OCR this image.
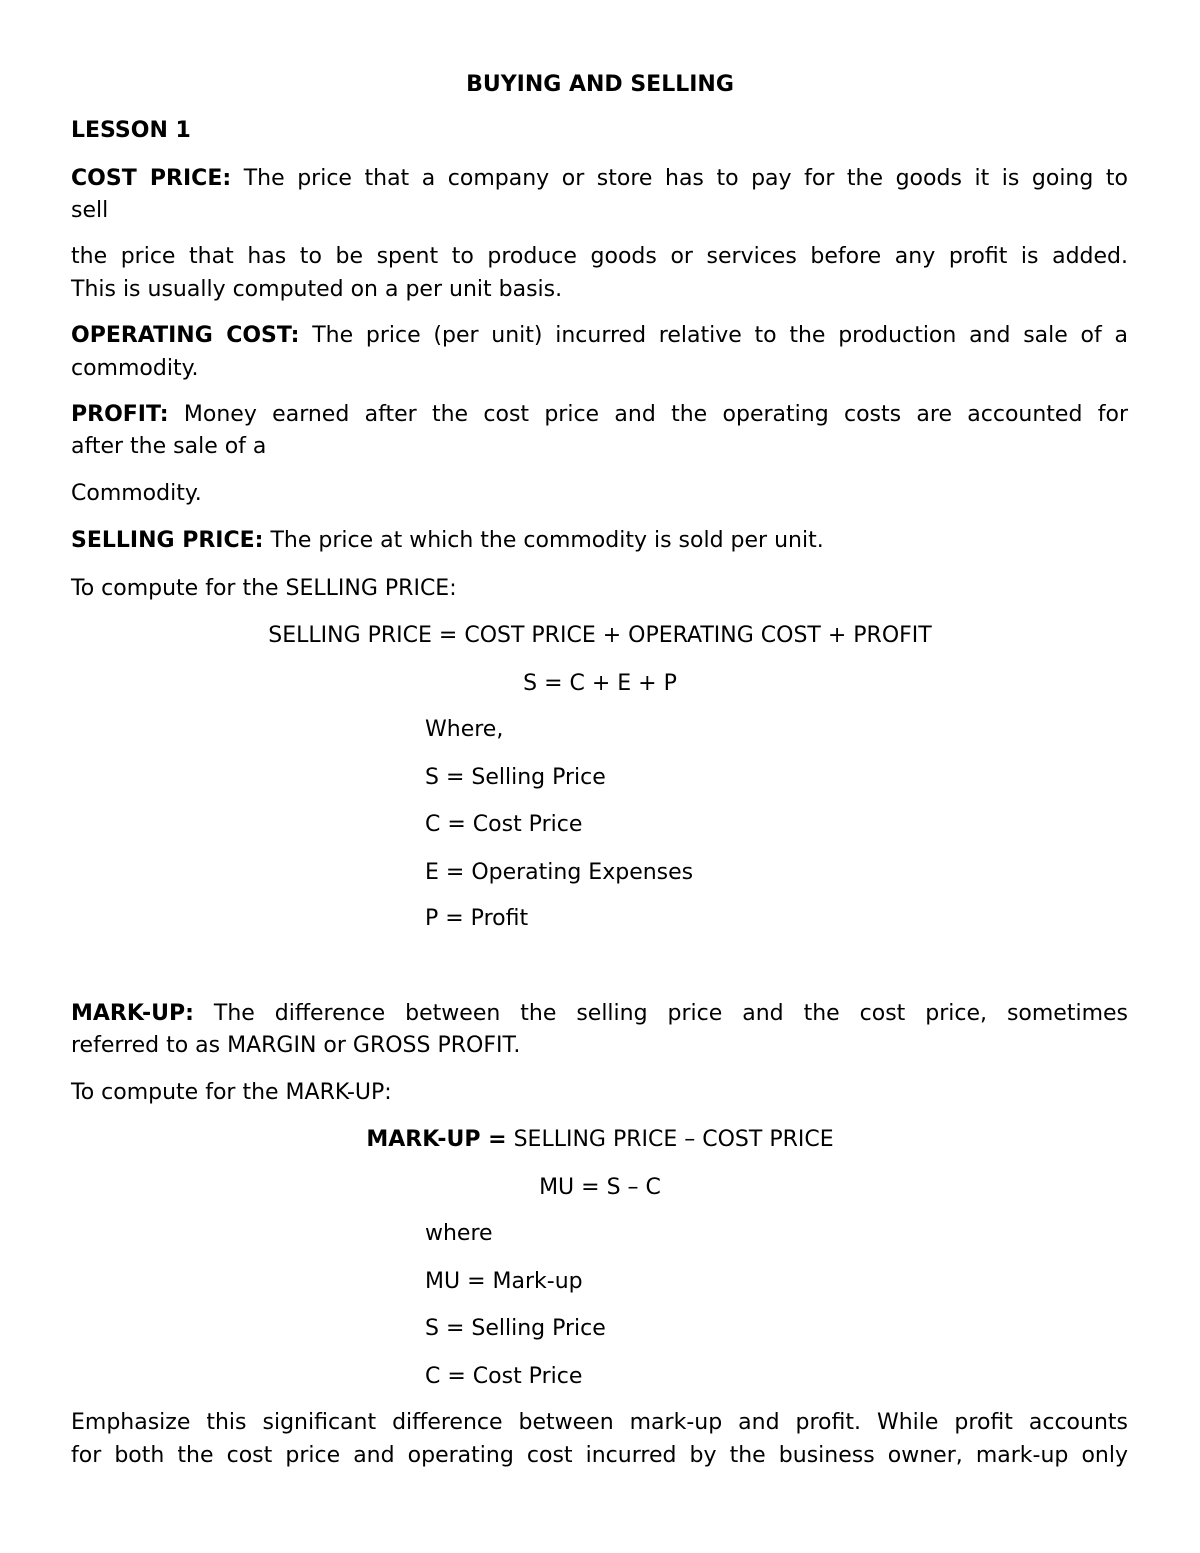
BUYING AND SELLING
LESSON 1
COST PRICE: The price that a company or store has to pay for the goods it is going to
sell
the price that has to be spent to produce goods or services before any profit is added.
This is usually computed on a per unit basis.
OPERATING COST: The price (per unit) incurred relative to the production and sale of a
commodity.
PROFIT: Money earned after the cost price and the operating costs are accounted for
after the sale of a
Commodity.
SELLING PRICE: The price at which the commodity is sold per unit.
To compute for the SELLING PRICE:
SELLING PRICE = COST PRICE + OPERATING COST + PROFIT
S = C + E + P
Where,
S = Selling Price
C = Cost Price
E = Operating Expenses
P = Profit
MARK-UP: The difference between the selling price and the cost price, sometimes
referred to as MARGIN or GROSS PROFIT.
To compute for the MARK-UP:
MARK-UP = SELLING PRICE – COST PRICE
MU = S – C
where
MU = Mark-up
S = Selling Price
C = Cost Price
Emphasize this significant difference between mark-up and profit. While profit accounts
for both the cost price and operating cost incurred by the business owner, mark-up only
